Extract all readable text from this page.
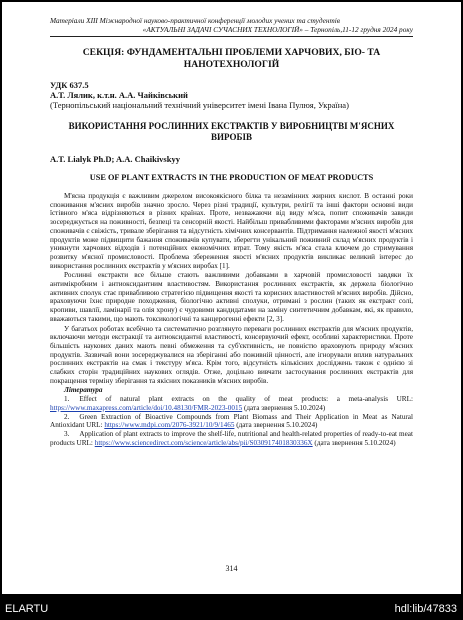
Матеріали XIII Міжнародної науково-практичної конференції молодих учених та студентів
«АКТУАЛЬНІ ЗАДАЧІ СУЧАСНИХ ТЕХНОЛОГІЙ» – Тернопіль,11-12 грудня 2024 року
СЕКЦІЯ: ФУНДАМЕНТАЛЬНІ ПРОБЛЕМИ ХАРЧОВИХ, БІО- ТА НАНОТЕХНОЛОГІЙ
УДК 637.5
А.Т. Лялик, к.т.н. А.А. Чайківський
(Тернопільський національний технічний університет імені Івана Пулюя, Україна)
ВИКОРИСТАННЯ РОСЛИННИХ ЕКСТРАКТІВ У ВИРОБНИЦТВІ М'ЯСНИХ ВИРОБІВ
A.T. Lialyk Ph.D; A.A. Chaikivskyy
USE OF PLANT EXTRACTS IN THE PRODUCTION OF MEAT PRODUCTS

М'ясна продукція є важливим джерелом високоякісного білка та незамінних жирних кислот. В останні роки споживання м'ясних виробів значно зросло. Через різні традиції, культури, релігії та інші фактори основні види їстівного м'яса відрізняються в різних країнах. Проте, незважаючи від виду м'яса, попит споживачів завжди зосереджується на поживності, безпеці та сенсорній якості. Найбільш привабливими факторами м'ясних виробів для споживачів є свіжість, тривале зберігання та відсутність хімічних консервантів. Підтримання належної якості м'ясних продуктів може підвищити бажання споживачів купувати, зберегти унікальний поживний склад м'ясних продуктів і уникнути харчових відходів і потенційних економічних втрат. Тому якість м'яса стала ключем до стримування розвитку м'ясної промисловості. Проблема збереження якості м'ясних продуктів викликає великий інтерес до використання рослинних екстрактів у м'ясних виробах [1].

Рослинні екстракти все більше стають важливими добавками в харчовій промисловості завдяки їх антимікробним і антиоксидантним властивостям. Використання рослинних екстрактів, як держела біологічно активних сполук стає привабливою стратегією підвищення якості та корисних властивостей м'ясних виробів. Дійсно, враховуючи їхнє природне походження, біологічно активні сполуки, отримані з рослин (таких як екстракт солі, кропиви, шавлії, ламінарії та олія хрону) є чудовими кандидатами на заміну синтетичним добавкам, які, як правило, вважаються такими, що мають токсикологічні та канцерогенні ефекти [2, 3].

У багатьох роботах всебічно та систематично розглянуто переваги рослинних екстрактів для м'ясних продуктів, включаючи методи екстракції та антиоксидантні властивості, консервуючий ефект, особливі характеристики. Проте більшість наукових даних мають певні обмеження та суб'єктивність, не повністю враховують природу м'ясних продуктів. Зазвичай вони зосереджувалися на зберіганні або поживній цінності, але ігнорували вплив натуральних рослинних екстрактів на смак і текстуру м'яса. Крім того, відсутність кількісних досліджень також є однією зі слабких сторін традиційних наукових оглядів. Отже, доцільно вивчати застосування рослинних екстрактів для покращення терміну зберігання та якісних показників м'ясних виробів.

Література
1. Effect of natural plant extracts on the quality of meat products: a meta-analysis URL: https://www.maxapress.com/article/doi/10.48130/FMR-2023-0015 (дата звернення 5.10.2024)
2. Green Extraction of Bioactive Compounds from Plant Biomass and Their Application in Meat as Natural Antioxidant URL: https://www.mdpi.com/2076-3921/10/9/1465 (дата звернення 5.10.2024)
3. Application of plant extracts to improve the shelf-life, nutritional and health-related properties of ready-to-eat meat products URL: https://www.sciencedirect.com/science/article/abs/pii/S030917401830336X (дата звернення 5.10.2024)
314
ELARTU	hdl:lib/47833
